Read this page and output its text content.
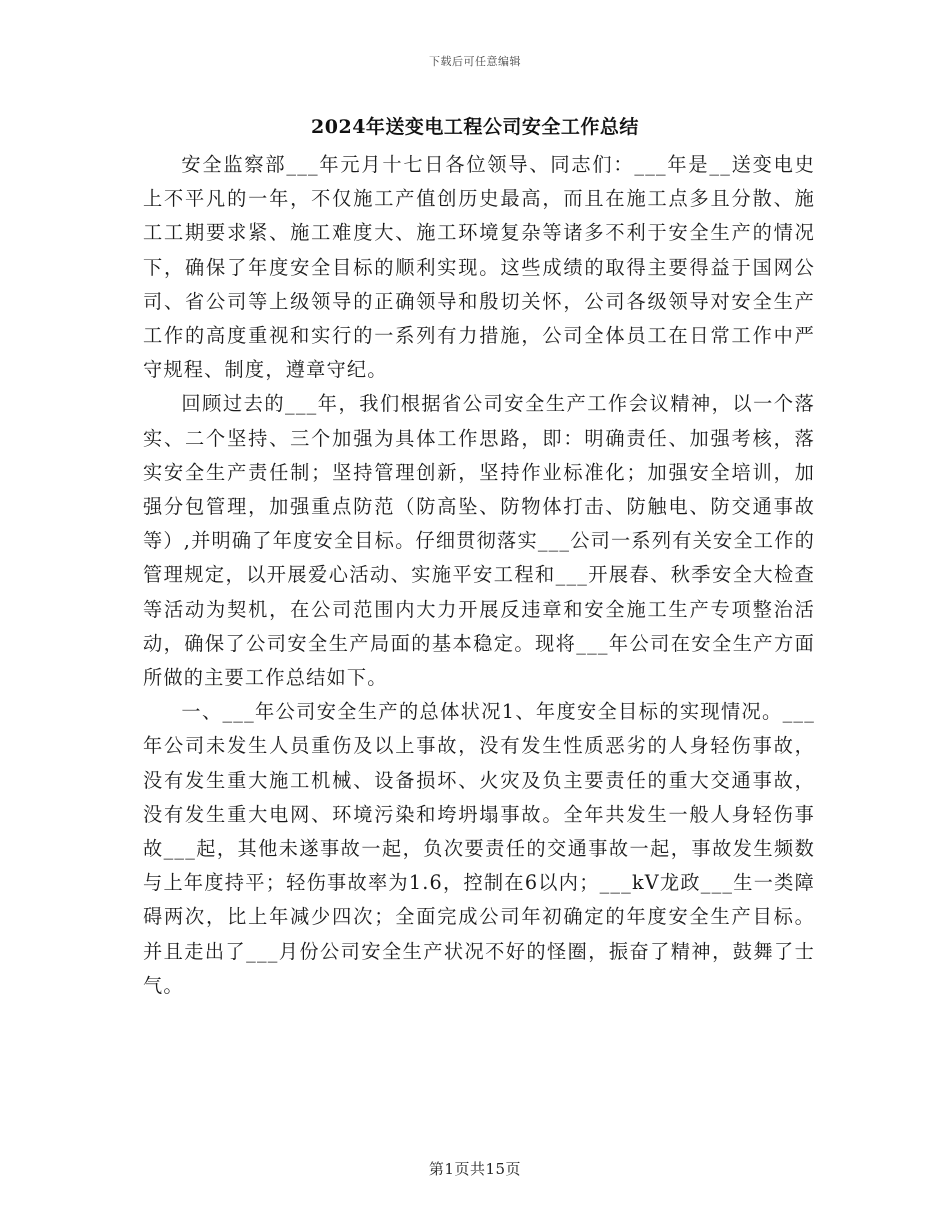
下载后可任意编辑
2024年送变电工程公司安全工作总结

安全监察部___年元月十七日各位领导、同志们：___年是__送变电史上不平凡的一年，不仅施工产值创历史最高，而且在施工点多且分散、施工工期要求紧、施工难度大、施工环境复杂等诸多不利于安全生产的情况下，确保了年度安全目标的顺利实现。这些成绩的取得主要得益于国网公司、省公司等上级领导的正确领导和殷切关怀，公司各级领导对安全生产工作的高度重视和实行的一系列有力措施，公司全体员工在日常工作中严守规程、制度，遵章守纪。

回顾过去的___年，我们根据省公司安全生产工作会议精神，以一个落实、二个坚持、三个加强为具体工作思路，即：明确责任、加强考核，落实安全生产责任制；坚持管理创新，坚持作业标准化；加强安全培训，加强分包管理，加强重点防范（防高坠、防物体打击、防触电、防交通事故等）,并明确了年度安全目标。仔细贯彻落实___公司一系列有关安全工作的管理规定，以开展爱心活动、实施平安工程和___开展春、秋季安全大检查等活动为契机，在公司范围内大力开展反违章和安全施工生产专项整治活动，确保了公司安全生产局面的基本稳定。现将___年公司在安全生产方面所做的主要工作总结如下。

一、___年公司安全生产的总体状况1、年度安全目标的实现情况。___年公司未发生人员重伤及以上事故，没有发生性质恶劣的人身轻伤事故，没有发生重大施工机械、设备损坏、火灾及负主要责任的重大交通事故，没有发生重大电网、环境污染和垮坍塌事故。全年共发生一般人身轻伤事故___起，其他未遂事故一起，负次要责任的交通事故一起，事故发生频数与上年度持平；轻伤事故率为1.6，控制在6以内；___kV龙政___生一类障碍两次，比上年减少四次；全面完成公司年初确定的年度安全生产目标。并且走出了___月份公司安全生产状况不好的怪圈，振奋了精神，鼓舞了士气。

第1页共15页
